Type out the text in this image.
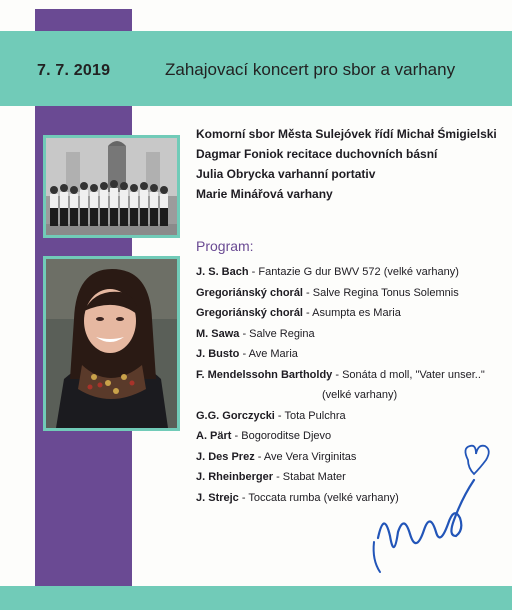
7. 7. 2019	Zahajovací koncert pro sbor a varhany
Komorní sbor Města Sulejóvek řídí Michał Śmigielski
Dagmar Foniok recitace duchovních básní
Julia Obrycka varhanní portativ
Marie Minářová varhany
Program:
J. S. Bach - Fantazie G dur BWV 572 (velké varhany)
Gregoriánský chorál - Salve Regina Tonus Solemnis
Gregoriánský chorál - Asumpta es Maria
M. Sawa - Salve Regina
J. Busto - Ave Maria
F. Mendelssohn Bartholdy - Sonáta d moll, "Vater unser.."
(velké varhany)
G.G. Gorczycki - Tota Pulchra
A. Pärt - Bogoroditse Djevo
J. Des Prez - Ave Vera Virginitas
J. Rheinberger - Stabat Mater
J. Strejc - Toccata rumba (velké varhany)
